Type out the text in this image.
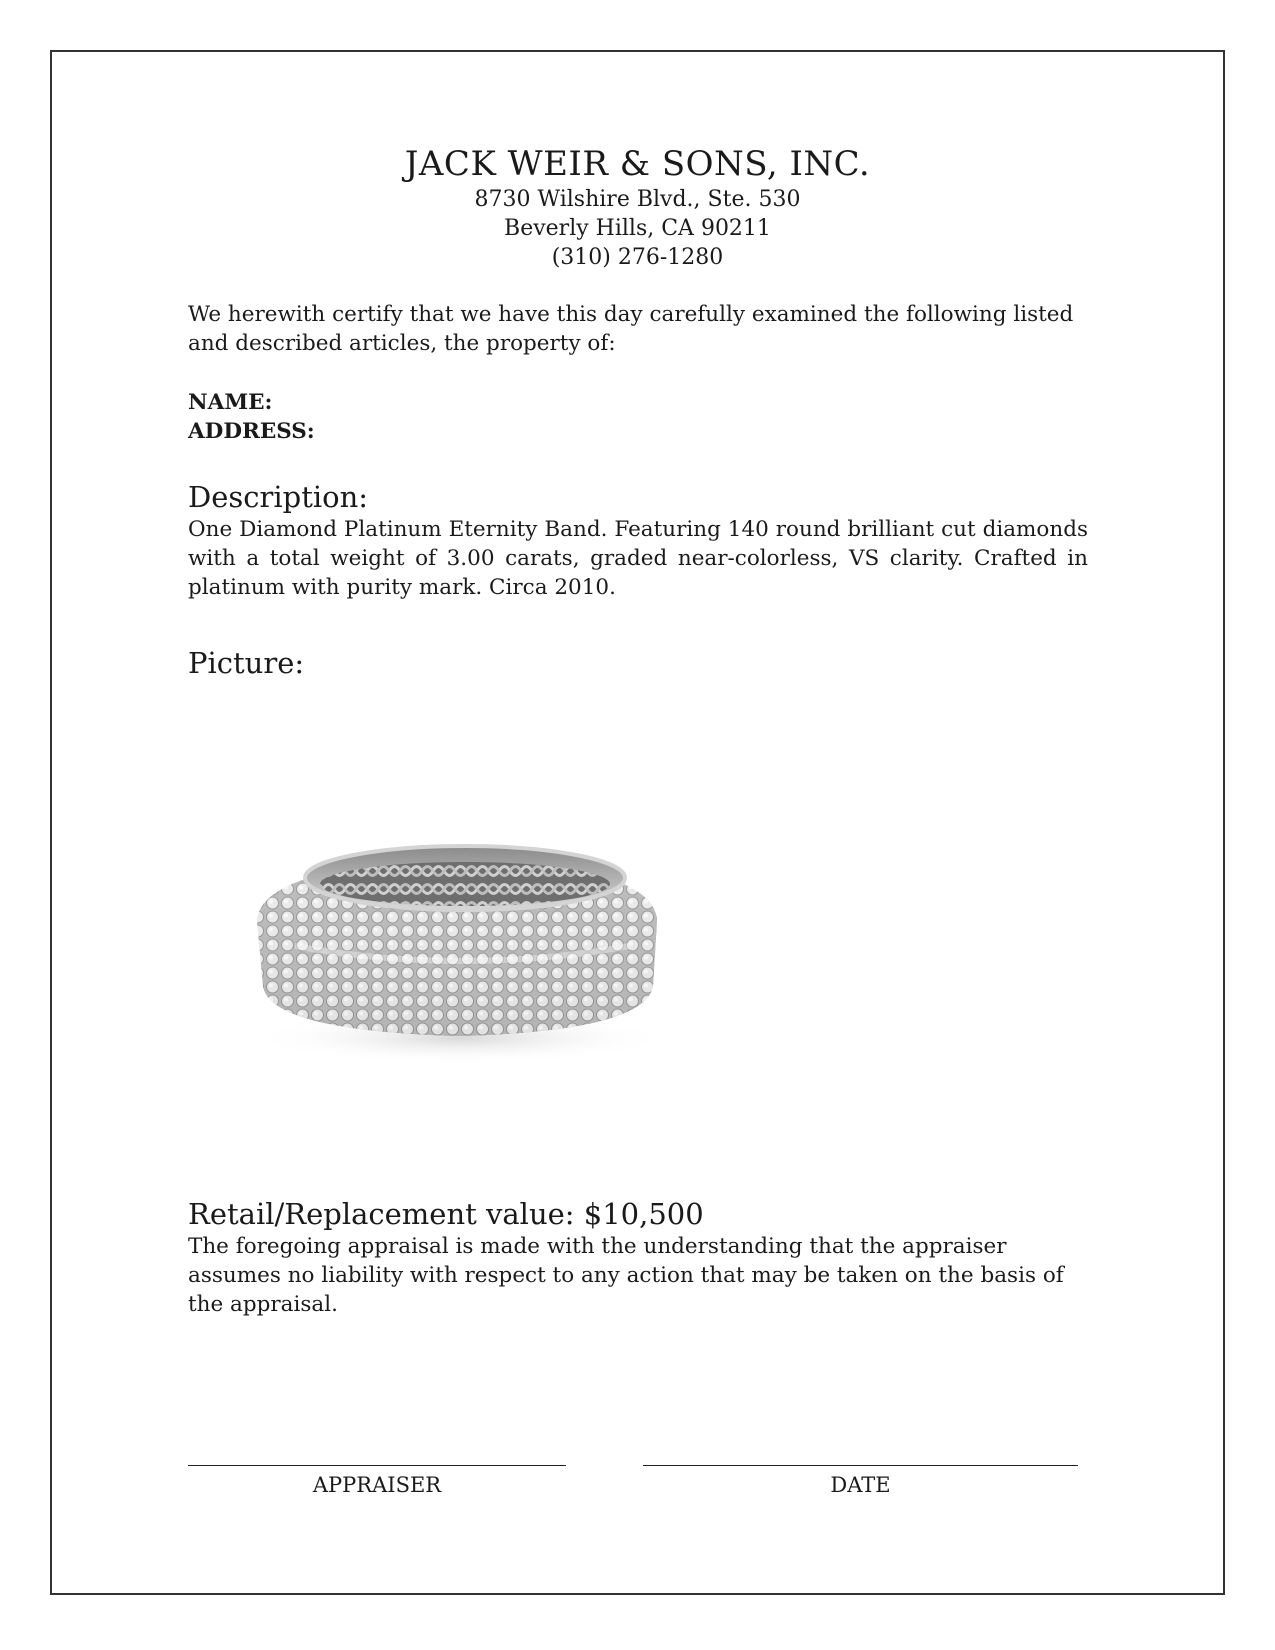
JACK WEIR & SONS, INC.
8730 Wilshire Blvd., Ste. 530
Beverly Hills, CA 90211
(310) 276-1280

We herewith certify that we have this day carefully examined the following listed and described articles, the property of:

NAME:
ADDRESS:
Description:

One Diamond Platinum Eternity Band. Featuring 140 round brilliant cut diamonds with a total weight of 3.00 carats, graded near-colorless, VS clarity. Crafted in platinum with purity mark. Circa 2010.

Picture:
Retail/Replacement value: $10,500

The foregoing appraisal is made with the understanding that the appraiser assumes no liability with respect to any action that may be taken on the basis of the appraisal.

APPRAISER	DATE
